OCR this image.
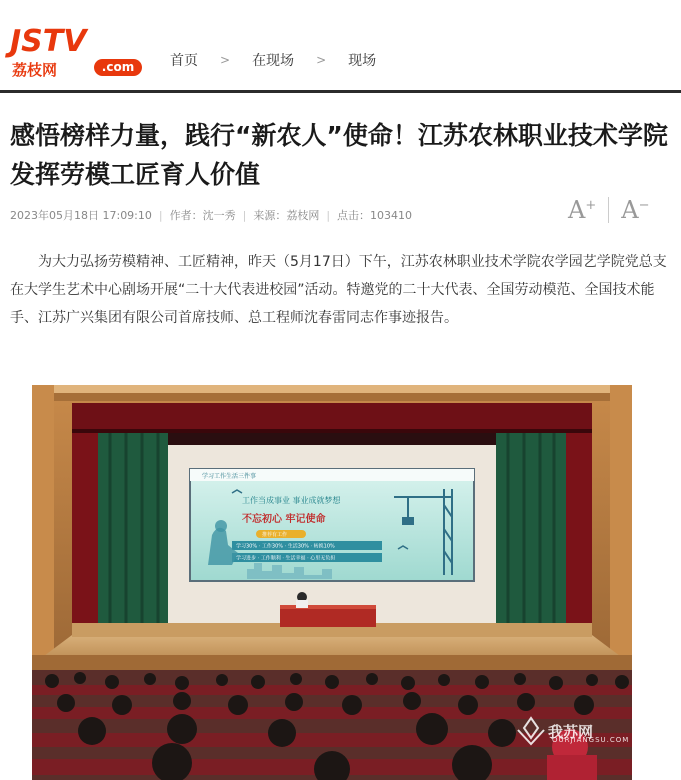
JSTV
荔枝网	.com	首页 > 在现场 > 现场
感悟榜样力量，践行“新农人”使命！江苏农林职业技术学院发挥劳模工匠育人价值
2023年05月18日 17:09:10 | 作者：沈一秀 | 来源：荔枝网 | 点击：103410	A+ A−

为大力弘扬劳模精神、工匠精神，昨天（5月17日）下午，江苏农林职业技术学院农学园艺学院党总支在大学生艺术中心剧场开展“二十大代表进校园”活动。特邀党的二十大代表、全国劳动模范、全国技术能手、江苏广兴集团有限公司首席技师、总工程师沈春雷同志作事迹报告。

学习工作生活三件事
工作当成事业 事业成就梦想
不忘初心 牢记使命
推荐有工作
学习30% · 工作30% · 生活30% · 转换10%
学习进步 · 工作顺利 · 生活幸福 · 心里无负担
我苏网
OURJIANGSU.COM
